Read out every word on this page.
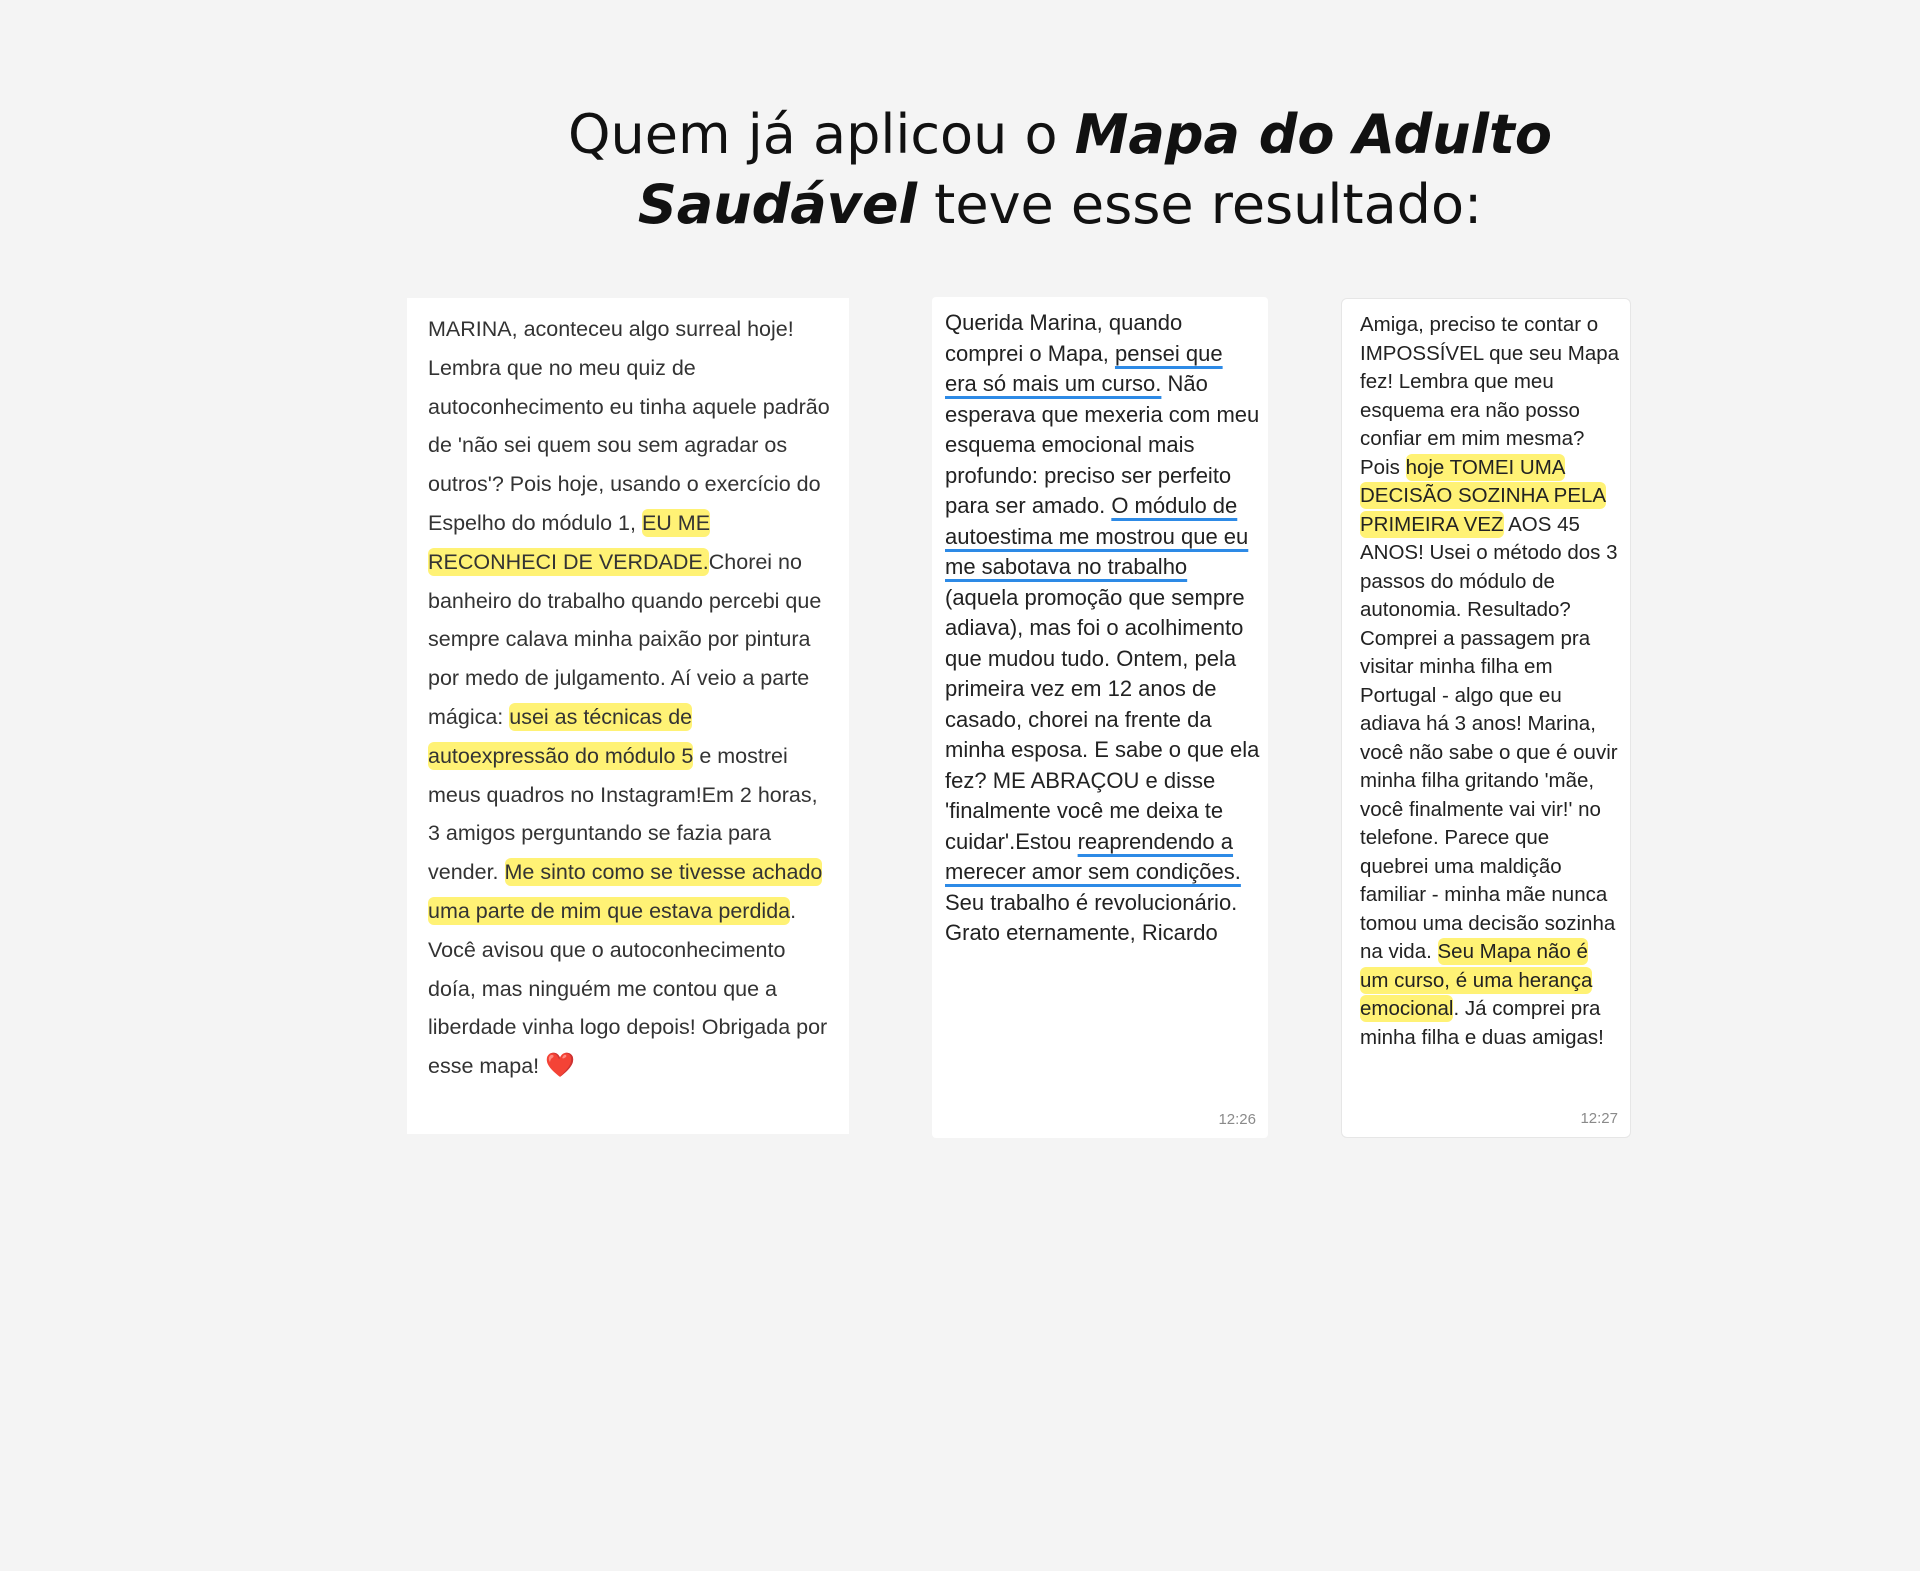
Quem já aplicou o Mapa do Adulto
Saudável teve esse resultado:

MARINA, aconteceu algo surreal hoje! Lembra que no meu quiz de autoconhecimento eu tinha aquele padrão de 'não sei quem sou sem agradar os outros'? Pois hoje, usando o exercício do Espelho do módulo 1, EU ME RECONHECI DE VERDADE.Chorei no banheiro do trabalho quando percebi que sempre calava minha paixão por pintura por medo de julgamento. Aí veio a parte mágica: usei as técnicas de autoexpressão do módulo 5 e mostrei meus quadros no Instagram!Em 2 horas, 3 amigos perguntando se fazia para vender. Me sinto como se tivesse achado uma parte de mim que estava perdida. Você avisou que o autoconhecimento doía, mas ninguém me contou que a liberdade vinha logo depois! Obrigada por esse mapa! ❤️

Querida Marina, quando comprei o Mapa, pensei que era só mais um curso. Não esperava que mexeria com meu esquema emocional mais profundo: preciso ser perfeito para ser amado. O módulo de autoestima me mostrou que eu me sabotava no trabalho (aquela promoção que sempre adiava), mas foi o acolhimento que mudou tudo. Ontem, pela primeira vez em 12 anos de casado, chorei na frente da minha esposa. E sabe o que ela fez? ME ABRAÇOU e disse 'finalmente você me deixa te cuidar'.Estou reaprendendo a merecer amor sem condições. Seu trabalho é revolucionário. Grato eternamente, Ricardo

12:26

Amiga, preciso te contar o IMPOSSÍVEL que seu Mapa fez! Lembra que meu esquema era não posso confiar em mim mesma? Pois hoje TOMEI UMA DECISÃO SOZINHA PELA PRIMEIRA VEZ AOS 45 ANOS! Usei o método dos 3 passos do módulo de autonomia. Resultado? Comprei a passagem pra visitar minha filha em Portugal - algo que eu adiava há 3 anos! Marina, você não sabe o que é ouvir minha filha gritando 'mãe, você finalmente vai vir!' no telefone. Parece que quebrei uma maldição familiar - minha mãe nunca tomou uma decisão sozinha na vida. Seu Mapa não é um curso, é uma herança emocional. Já comprei pra minha filha e duas amigas!

12:27
